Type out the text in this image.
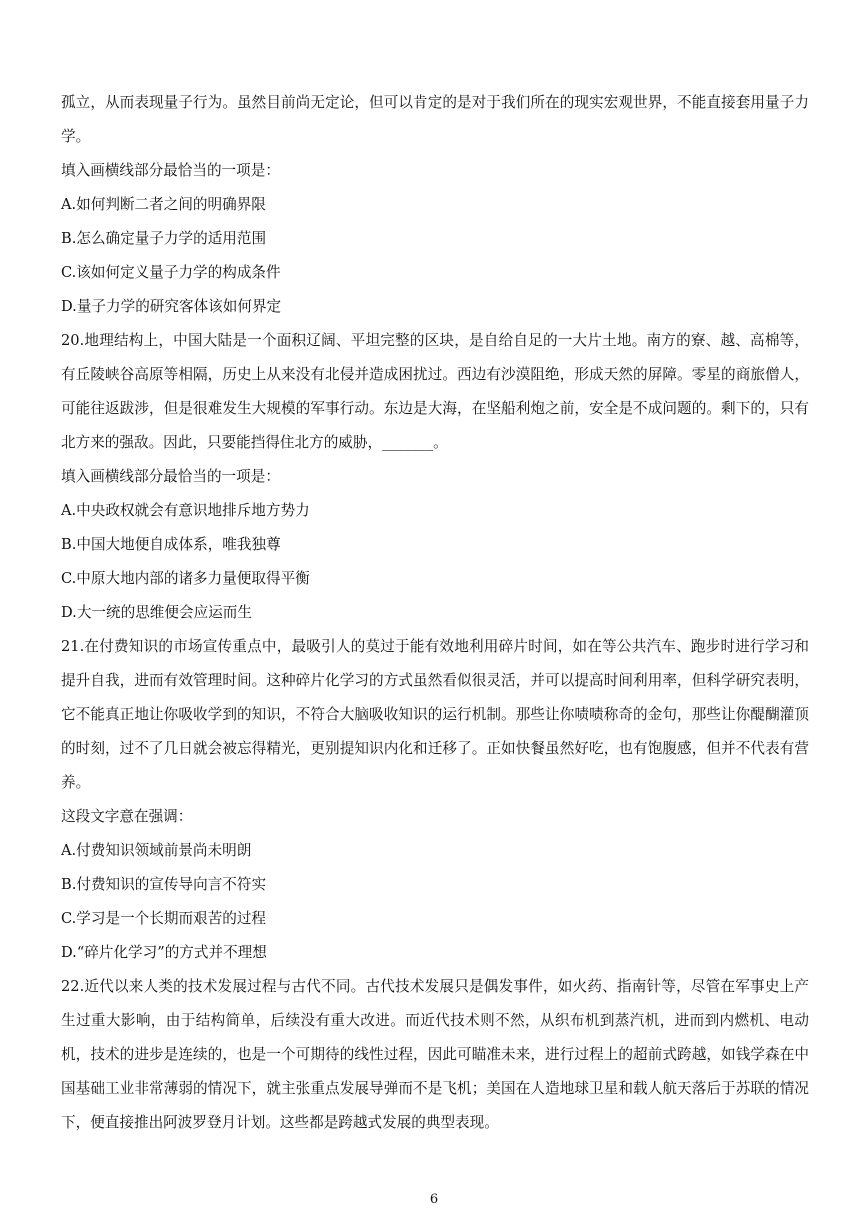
孤立，从而表现量子行为。虽然目前尚无定论，但可以肯定的是对于我们所在的现实宏观世界，不能直接套用量子力学。

填入画横线部分最恰当的一项是：

A.如何判断二者之间的明确界限

B.怎么确定量子力学的适用范围

C.该如何定义量子力学的构成条件

D.量子力学的研究客体该如何界定

20.地理结构上，中国大陆是一个面积辽阔、平坦完整的区块，是自给自足的一大片土地。南方的寮、越、高棉等，有丘陵峡谷高原等相隔，历史上从来没有北侵并造成困扰过。西边有沙漠阻绝，形成天然的屏障。零星的商旅僧人，可能往返跋涉，但是很难发生大规模的军事行动。东边是大海，在坚船利炮之前，安全是不成问题的。剩下的，只有北方来的强敌。因此，只要能挡得住北方的威胁，_______。

填入画横线部分最恰当的一项是：

A.中央政权就会有意识地排斥地方势力

B.中国大地便自成体系，唯我独尊

C.中原大地内部的诸多力量便取得平衡

D.大一统的思维便会应运而生

21.在付费知识的市场宣传重点中，最吸引人的莫过于能有效地利用碎片时间，如在等公共汽车、跑步时进行学习和提升自我，进而有效管理时间。这种碎片化学习的方式虽然看似很灵活，并可以提高时间利用率，但科学研究表明，它不能真正地让你吸收学到的知识，不符合大脑吸收知识的运行机制。那些让你啧啧称奇的金句，那些让你醍醐灌顶的时刻，过不了几日就会被忘得精光，更别提知识内化和迁移了。正如快餐虽然好吃，也有饱腹感，但并不代表有营养。

这段文字意在强调：

A.付费知识领域前景尚未明朗

B.付费知识的宣传导向言不符实

C.学习是一个长期而艰苦的过程

D.“碎片化学习”的方式并不理想

22.近代以来人类的技术发展过程与古代不同。古代技术发展只是偶发事件，如火药、指南针等，尽管在军事史上产生过重大影响，由于结构简单，后续没有重大改进。而近代技术则不然，从织布机到蒸汽机，进而到内燃机、电动机，技术的进步是连续的，也是一个可期待的线性过程，因此可瞄准未来，进行过程上的超前式跨越，如钱学森在中国基础工业非常薄弱的情况下，就主张重点发展导弹而不是飞机；美国在人造地球卫星和载人航天落后于苏联的情况下，便直接推出阿波罗登月计划。这些都是跨越式发展的典型表现。

6
